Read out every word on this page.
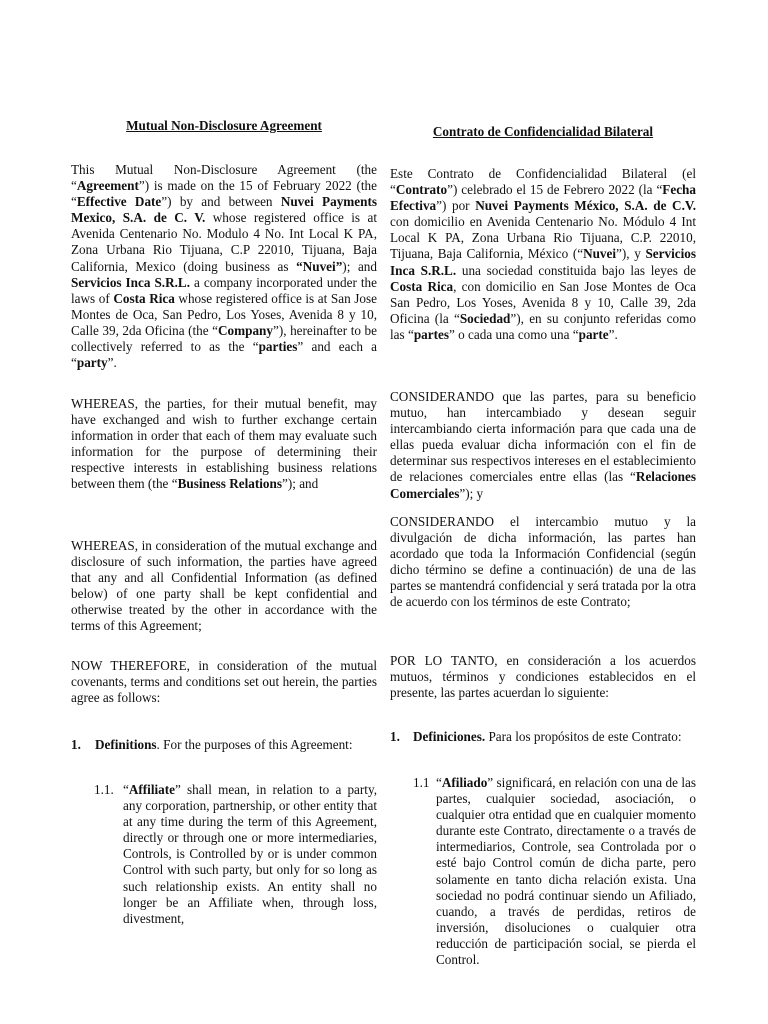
Mutual Non-Disclosure Agreement
This Mutual Non-Disclosure Agreement (the “Agreement”) is made on the 15 of February 2022 (the “Effective Date”) by and between Nuvei Payments Mexico, S.A. de C. V. whose registered office is at Avenida Centenario No. Modulo 4 No. Int Local K PA, Zona Urbana Rio Tijuana, C.P 22010, Tijuana, Baja California, Mexico (doing business as “Nuvei”); and Servicios Inca S.R.L. a company incorporated under the laws of Costa Rica whose registered office is at San Jose Montes de Oca, San Pedro, Los Yoses, Avenida 8 y 10, Calle 39, 2da Oficina (the “Company”), hereinafter to be collectively referred to as the “parties” and each a “party”.
WHEREAS, the parties, for their mutual benefit, may have exchanged and wish to further exchange certain information in order that each of them may evaluate such information for the purpose of determining their respective interests in establishing business relations between them (the “Business Relations”); and
WHEREAS, in consideration of the mutual exchange and disclosure of such information, the parties have agreed that any and all Confidential Information (as defined below) of one party shall be kept confidential and otherwise treated by the other in accordance with the terms of this Agreement;
NOW THEREFORE, in consideration of the mutual covenants, terms and conditions set out herein, the parties agree as follows:
1.	Definitions. For the purposes of this Agreement:
1.1. “Affiliate” shall mean, in relation to a party, any corporation, partnership, or other entity that at any time during the term of this Agreement, directly or through one or more intermediaries, Controls, is Controlled by or is under common Control with such party, but only for so long as such relationship exists. An entity shall no longer be an Affiliate when, through loss, divestment,
Contrato de Confidencialidad Bilateral
Este Contrato de Confidencialidad Bilateral (el “Contrato”) celebrado el 15 de Febrero 2022 (la “Fecha Efectiva”) por Nuvei Payments México, S.A. de C.V. con domicilio en Avenida Centenario No. Módulo 4 Int Local K PA, Zona Urbana Rio Tijuana, C.P. 22010, Tijuana, Baja California, México (“Nuvei”), y Servicios Inca S.R.L. una sociedad constituida bajo las leyes de Costa Rica, con domicilio en San Jose Montes de Oca San Pedro, Los Yoses, Avenida 8 y 10, Calle 39, 2da Oficina (la “Sociedad”), en su conjunto referidas como las “partes” o cada una como una “parte”.
CONSIDERANDO que las partes, para su beneficio mutuo, han intercambiado y desean seguir intercambiando cierta información para que cada una de ellas pueda evaluar dicha información con el fin de determinar sus respectivos intereses en el establecimiento de relaciones comerciales entre ellas (las “Relaciones Comerciales”); y
CONSIDERANDO el intercambio mutuo y la divulgación de dicha información, las partes han acordado que toda la Información Confidencial (según dicho término se define a continuación) de una de las partes se mantendrá confidencial y será tratada por la otra de acuerdo con los términos de este Contrato;
POR LO TANTO, en consideración a los acuerdos mutuos, términos y condiciones establecidos en el presente, las partes acuerdan lo siguiente:
1. Definiciones. Para los propósitos de este Contrato:
1.1 “Afiliado” significará, en relación con una de las partes, cualquier sociedad, asociación, o cualquier otra entidad que en cualquier momento durante este Contrato, directamente o a través de intermediarios, Controle, sea Controlada por o esté bajo Control común de dicha parte, pero solamente en tanto dicha relación exista. Una sociedad no podrá continuar siendo un Afiliado, cuando, a través de perdidas, retiros de inversión, disoluciones o cualquier otra reducción de participación social, se pierda el Control.
